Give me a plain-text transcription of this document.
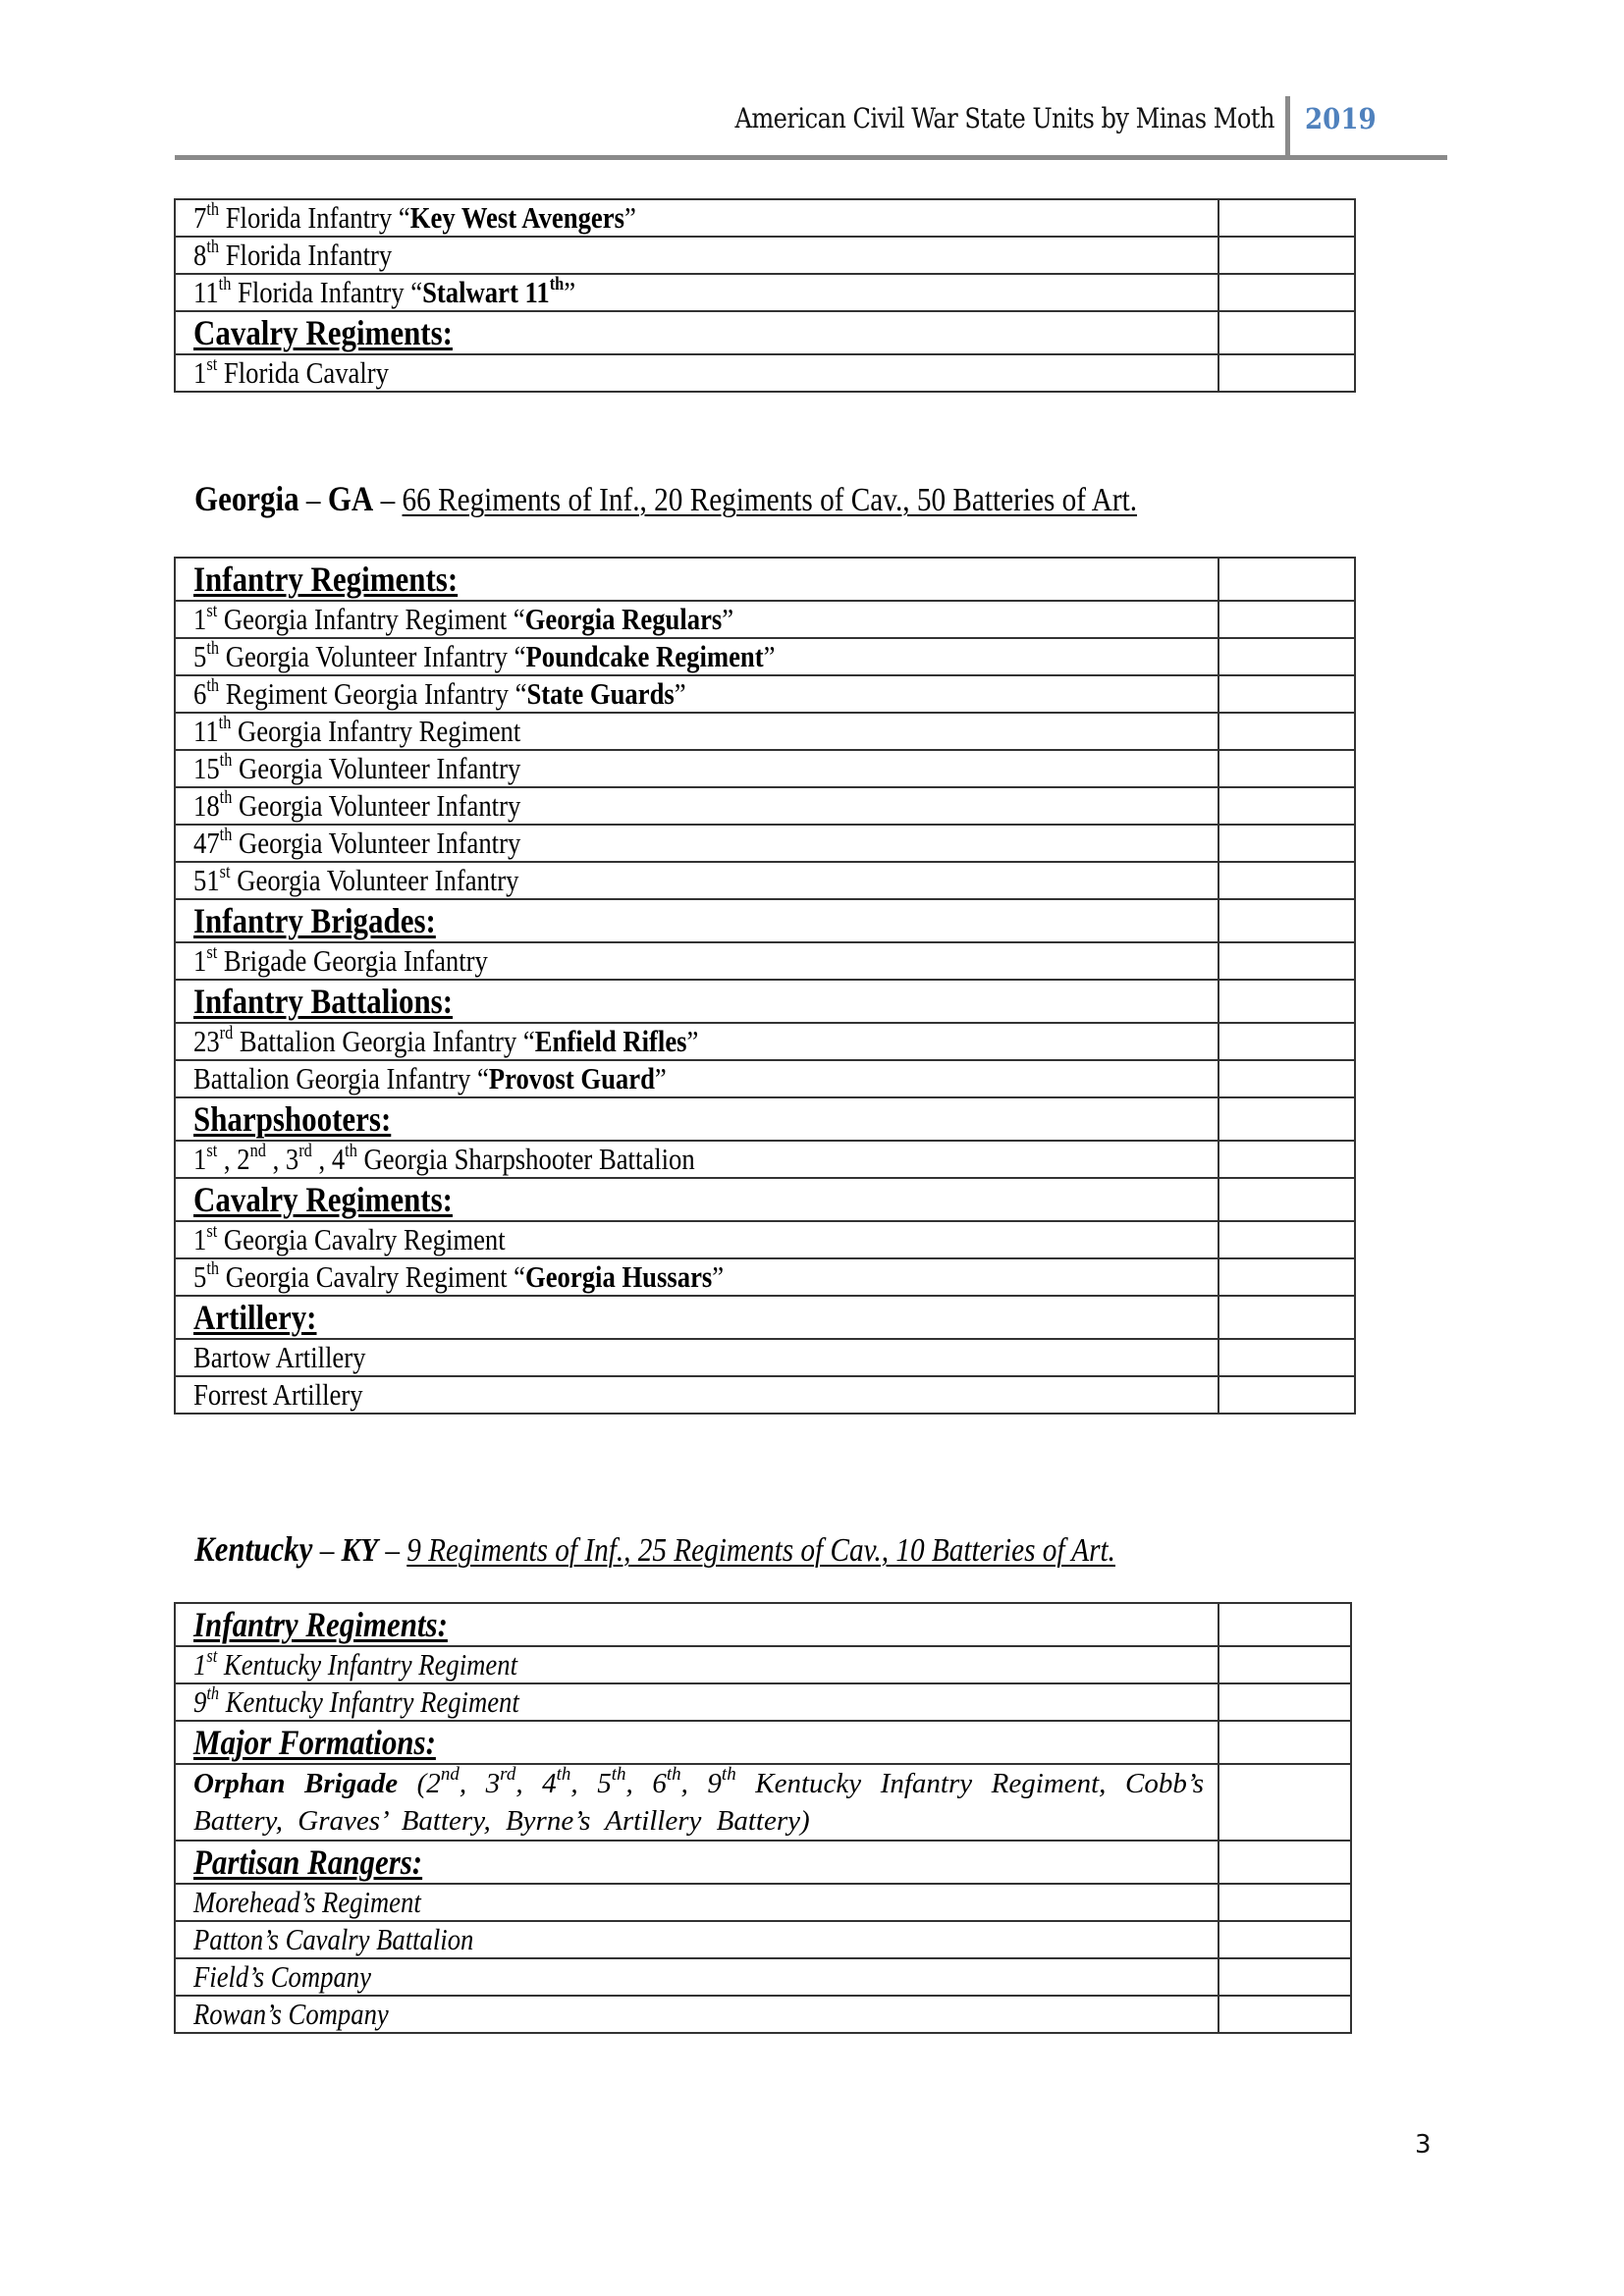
American Civil War State Units by Minas Moth 2019
7th Florida Infantry “Key West Avengers”	
8th Florida Infantry	
11th Florida Infantry “Stalwart 11th”	
Cavalry Regiments:	
1st Florida Cavalry	
Georgia – GA – 66 Regiments of Inf., 20 Regiments of Cav., 50 Batteries of Art.
Infantry Regiments:	
1st Georgia Infantry Regiment “Georgia Regulars”	
5th Georgia Volunteer Infantry “Poundcake Regiment”	
6th Regiment Georgia Infantry “State Guards”	
11th Georgia Infantry Regiment	
15th Georgia Volunteer Infantry	
18th Georgia Volunteer Infantry	
47th Georgia Volunteer Infantry	
51st Georgia Volunteer Infantry	
Infantry Brigades:	
1st Brigade Georgia Infantry	
Infantry Battalions:	
23rd Battalion Georgia Infantry “Enfield Rifles”	
Battalion Georgia Infantry “Provost Guard”	
Sharpshooters:	
1st , 2nd , 3rd , 4th Georgia Sharpshooter Battalion	
Cavalry Regiments:	
1st Georgia Cavalry Regiment	
5th Georgia Cavalry Regiment “Georgia Hussars”	
Artillery:	
Bartow Artillery	
Forrest Artillery	
Kentucky – KY – 9 Regiments of Inf., 25 Regiments of Cav., 10 Batteries of Art.
Infantry Regiments:	
1st Kentucky Infantry Regiment	
9th Kentucky Infantry Regiment	
Major Formations:	
Orphan Brigade (2nd, 3rd, 4th, 5th, 6th, 9th Kentucky Infantry Regiment, Cobb’s Battery, Graves’ Battery, Byrne’s Artillery Battery)	
Partisan Rangers:	
Morehead’s Regiment	
Patton’s Cavalry Battalion	
Field’s Company	
Rowan’s Company	
3
